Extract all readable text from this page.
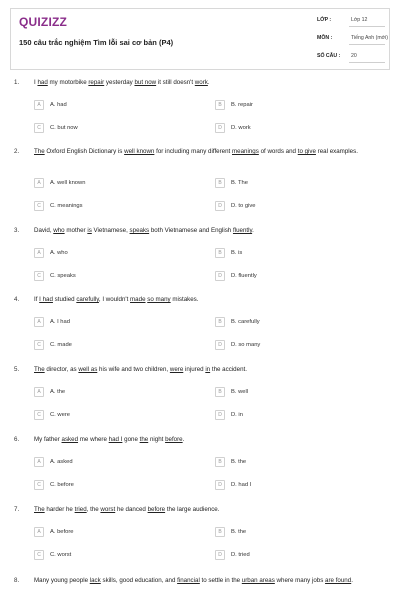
QUIZIZZ
150 câu trắc nghiệm Tìm lỗi sai cơ bản (P4)
LỚP :	Lớp 12
MÔN :	Tiếng Anh (mới)
SỐ CÂU : 20
1. I had my motorbike repair yesterday but now it still doesn't work.
A	A. had	B	B. repair
C	C. but now	D	D. work
2. The Oxford English Dictionary is well known for including many different meanings of words and to give real examples.
A	A. well known	B	B. The
C	C. meanings	D	D. to give
3. David, who mother is Vietnamese, speaks both Vietnamese and English fluently.
A	A. who	B	B. is
C	C. speaks	D	D. fluently
4. If I had studied carefully, I wouldn't made so many mistakes.
A	A. I had	B	B. carefully
C	C. made	D	D. so many
5. The director, as well as his wife and two children, were injured in the accident.
A	A. the	B	B. well
C	C. were	D	D. in
6. My father asked me where had I gone the night before.
A	A. asked	B	B. the
C	C. before	D	D. had I
7. The harder he tried, the worst he danced before the large audience.
A	A. before	B	B. the
C	C. worst	D	D. tried
8. Many young people lack skills, good education, and financial to settle in the urban areas where many jobs are found.
